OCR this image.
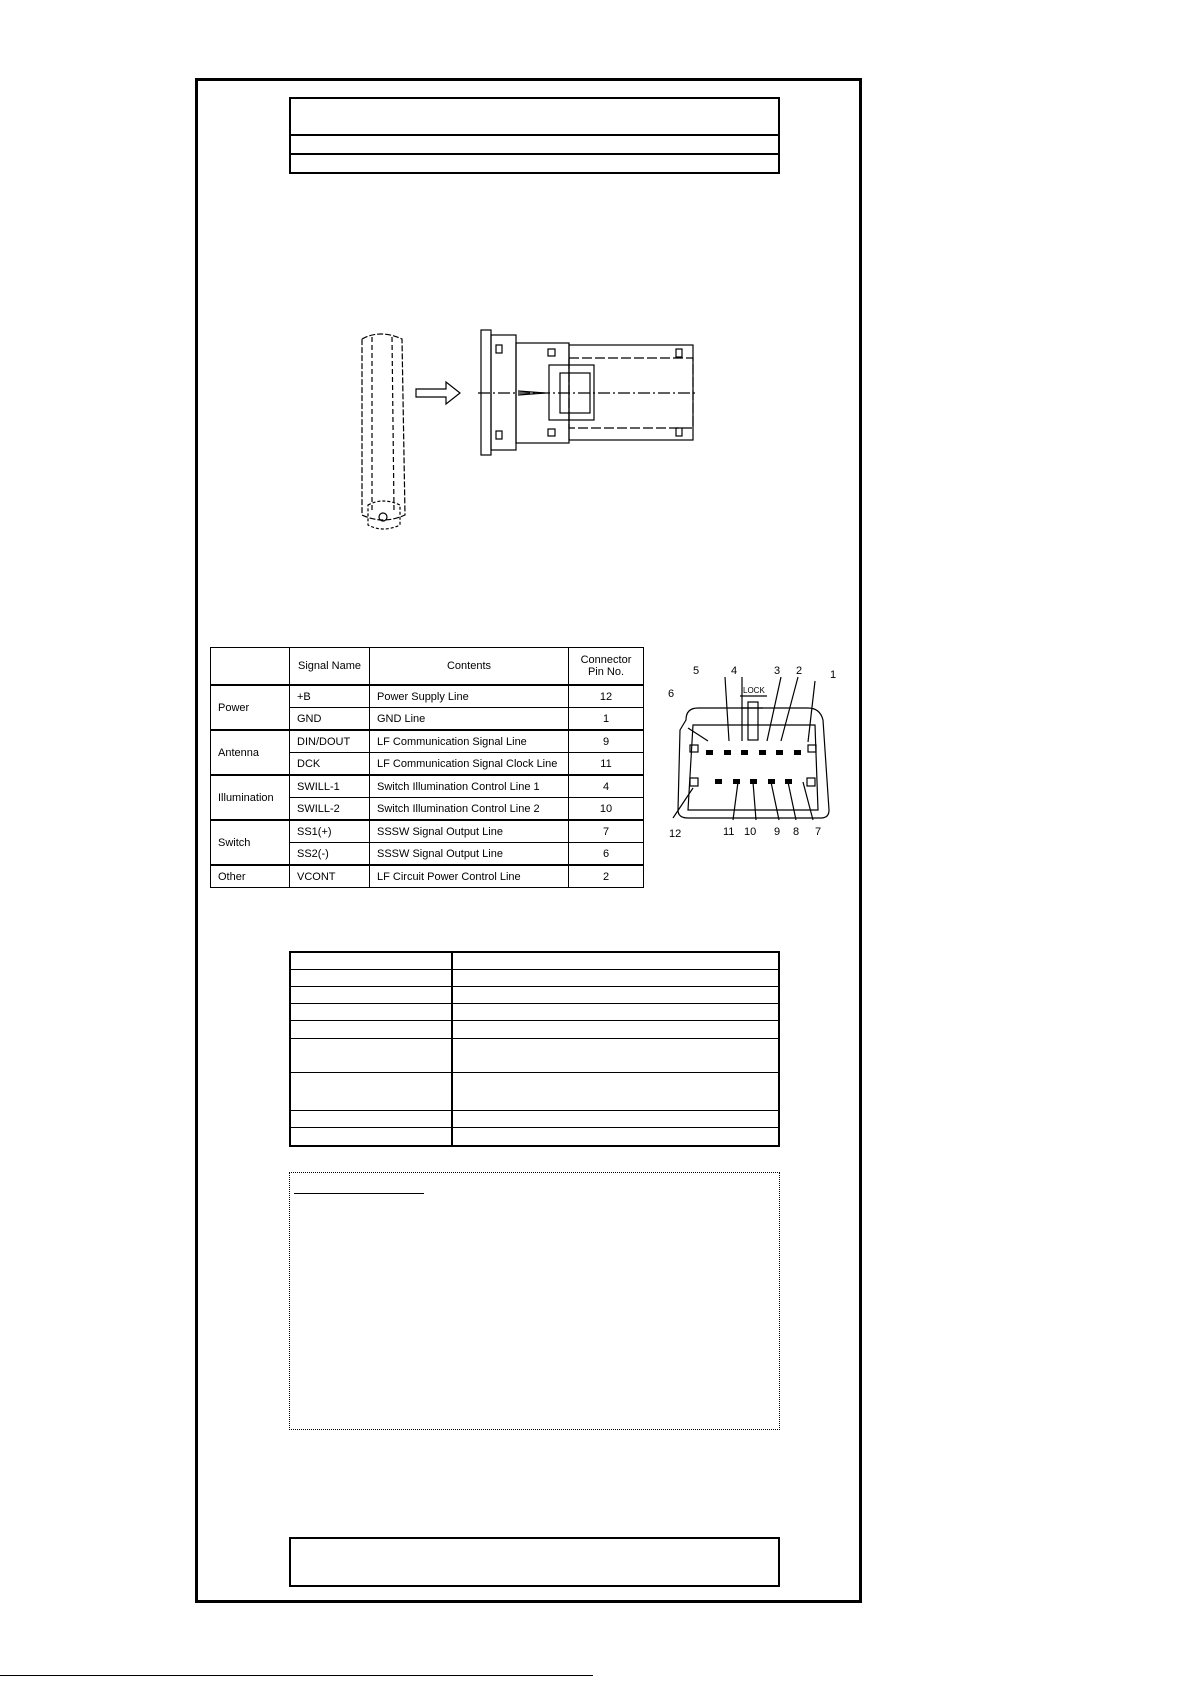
	Signal Name	Contents	Connector
Pin No.
Power	+B	Power Supply Line	12
	GND	GND Line	1
Antenna	DIN/DOUT	LF Communication Signal Line	9
	DCK	LF Communication Signal Clock Line	11
Illumination	SWILL-1	Switch Illumination Control Line 1	4
	SWILL-2	Switch Illumination Control Line 2	10
Switch	SS1(+)	SSSW Signal Output Line	7
	SS2(-)	SSSW Signal Output Line	6
Other	VCONT	LF Circuit Power Control Line	2
LOCK
5	4	3 2	1
6
12	11 10 9 8 7
